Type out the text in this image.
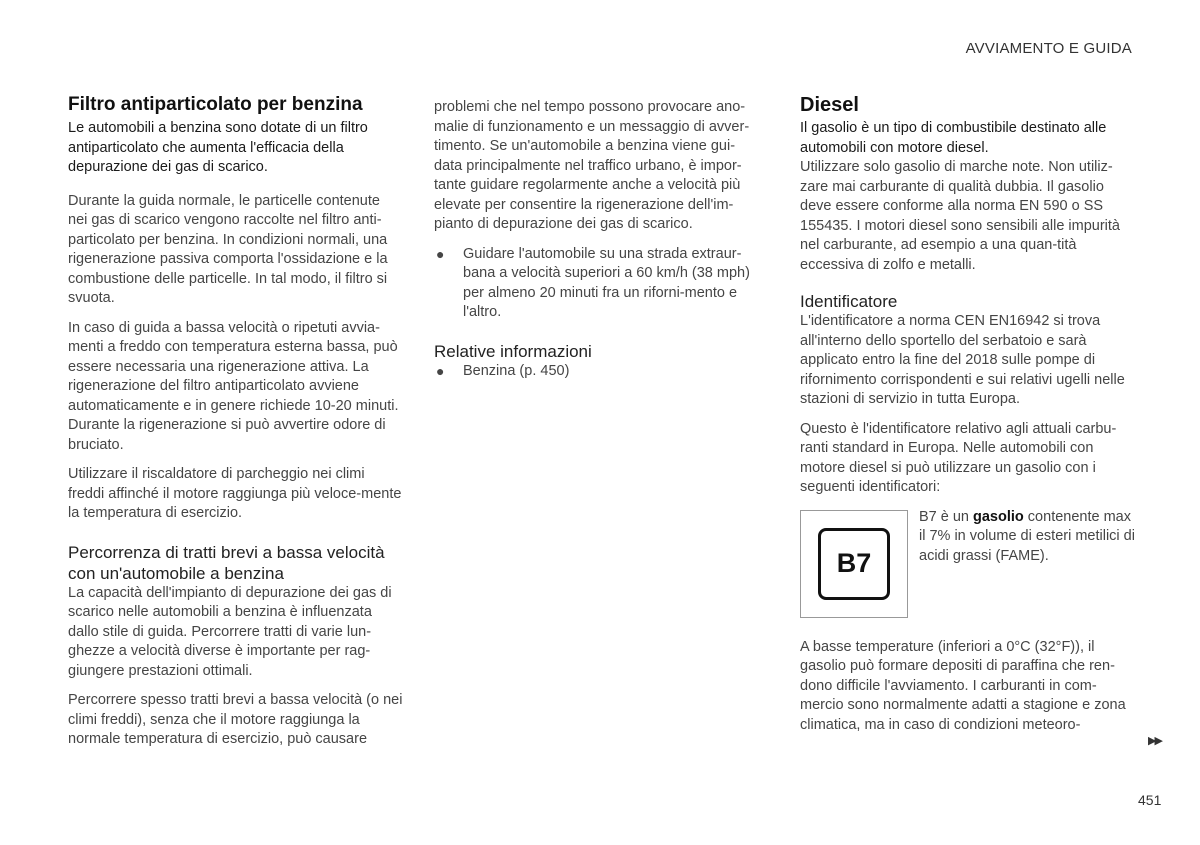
AVVIAMENTO E GUIDA
Filtro antiparticolato per benzina
Le automobili a benzina sono dotate di un filtro antiparticolato che aumenta l'efficacia della depurazione dei gas di scarico.

Durante la guida normale, le particelle contenute nei gas di scarico vengono raccolte nel filtro anti-particolato per benzina. In condizioni normali, una rigenerazione passiva comporta l'ossidazione e la combustione delle particelle. In tal modo, il filtro si svuota.

In caso di guida a bassa velocità o ripetuti avvia-menti a freddo con temperatura esterna bassa, può essere necessaria una rigenerazione attiva. La rigenerazione del filtro antiparticolato avviene automaticamente e in genere richiede 10-20 minuti. Durante la rigenerazione si può avvertire odore di bruciato.

Utilizzare il riscaldatore di parcheggio nei climi freddi affinché il motore raggiunga più veloce-mente la temperatura di esercizio.

Percorrenza di tratti brevi a bassa velocità con un'automobile a benzina

La capacità dell'impianto di depurazione dei gas di scarico nelle automobili a benzina è influenzata dallo stile di guida. Percorrere tratti di varie lun-ghezze a velocità diverse è importante per rag-giungere prestazioni ottimali.

Percorrere spesso tratti brevi a bassa velocità (o nei climi freddi), senza che il motore raggiunga la normale temperatura di esercizio, può causare

problemi che nel tempo possono provocare ano-malie di funzionamento e un messaggio di avver-timento. Se un'automobile a benzina viene gui-data principalmente nel traffico urbano, è impor-tante guidare regolarmente anche a velocità più elevate per consentire la rigenerazione dell'im-pianto di depurazione dei gas di scarico.

● Guidare l'automobile su una strada extraur-bana a velocità superiori a 60 km/h (38 mph) per almeno 20 minuti fra un riforni-mento e l'altro.
Relative informazioni
● Benzina (p. 450)
Diesel
Il gasolio è un tipo di combustibile destinato alle automobili con motore diesel.

Utilizzare solo gasolio di marche note. Non utiliz-zare mai carburante di qualità dubbia. Il gasolio deve essere conforme alla norma EN 590 o SS 155435. I motori diesel sono sensibili alle impurità nel carburante, ad esempio a una quan-tità eccessiva di zolfo e metalli.

Identificatore

L'identificatore a norma CEN EN16942 si trova all'interno dello sportello del serbatoio e sarà applicato entro la fine del 2018 sulle pompe di rifornimento corrispondenti e sui relativi ugelli nelle stazioni di servizio in tutta Europa.

Questo è l'identificatore relativo agli attuali carbu-ranti standard in Europa. Nelle automobili con motore diesel si può utilizzare un gasolio con i seguenti identificatori:

B7
B7 è un gasolio contenente max il 7% in volume di esteri metilici di acidi grassi (FAME).

A basse temperature (inferiori a 0°C (32°F)), il gasolio può formare depositi di paraffina che ren-dono difficile l'avviamento. I carburanti in com-mercio sono normalmente adatti a stagione e zona climatica, ma in caso di condizioni meteoro-

▶▶
451
